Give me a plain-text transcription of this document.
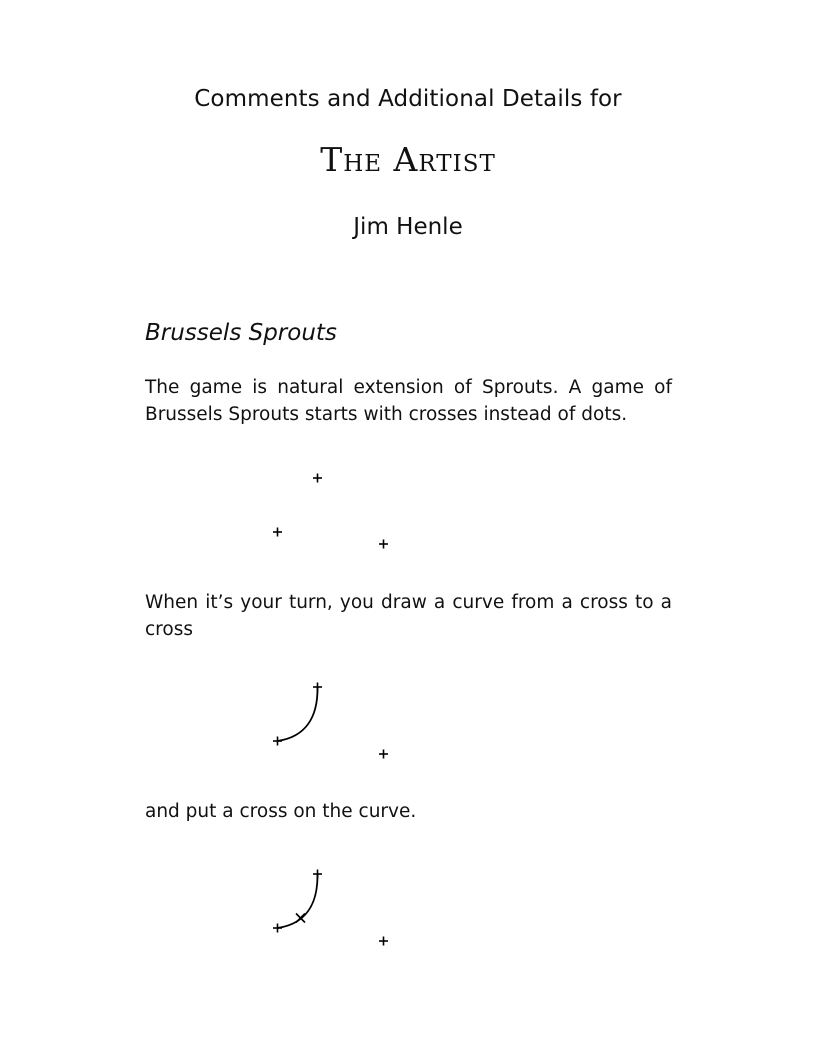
Comments and Additional Details for
The Artist
Jim Henle
Brussels Sprouts

The game is natural extension of Sprouts. A game of Brussels Sprouts starts with crosses instead of dots.

When it’s your turn, you draw a curve from a cross to a cross

and put a cross on the curve.
